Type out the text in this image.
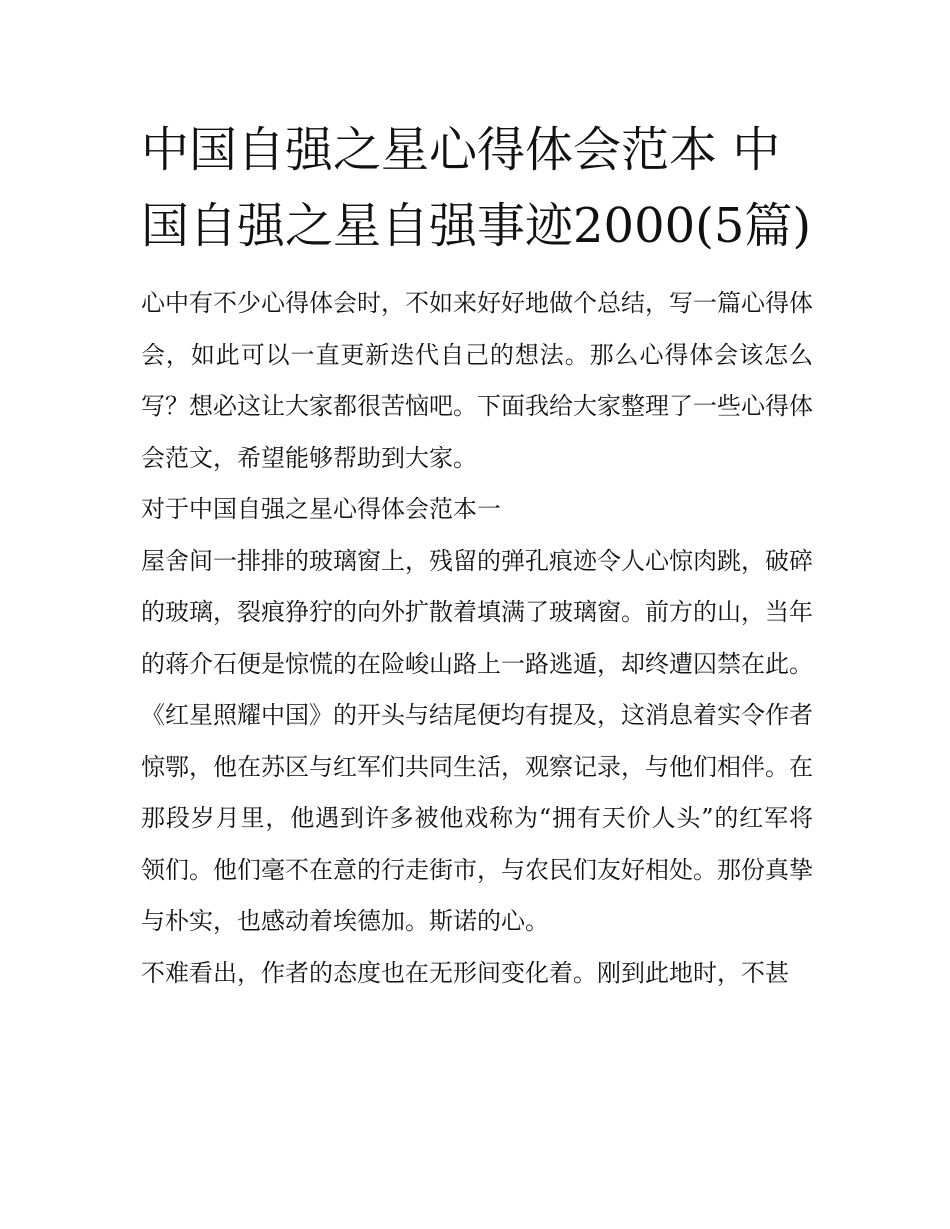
中国自强之星心得体会范本 中国自强之星自强事迹2000(5篇)

心中有不少心得体会时，不如来好好地做个总结，写一篇心得体会，如此可以一直更新迭代自己的想法。那么心得体会该怎么写？想必这让大家都很苦恼吧。下面我给大家整理了一些心得体会范文，希望能够帮助到大家。

对于中国自强之星心得体会范本一

屋舍间一排排的玻璃窗上，残留的弹孔痕迹令人心惊肉跳，破碎的玻璃，裂痕狰狞的向外扩散着填满了玻璃窗。前方的山，当年的蒋介石便是惊慌的在险峻山路上一路逃遁，却终遭囚禁在此。

《红星照耀中国》的开头与结尾便均有提及，这消息着实令作者惊鄂，他在苏区与红军们共同生活，观察记录，与他们相伴。在那段岁月里，他遇到许多被他戏称为“拥有天价人头”的红军将领们。他们毫不在意的行走街市，与农民们友好相处。那份真挚与朴实，也感动着埃德加。斯诺的心。

不难看出，作者的态度也在无形间变化着。刚到此地时，不甚
